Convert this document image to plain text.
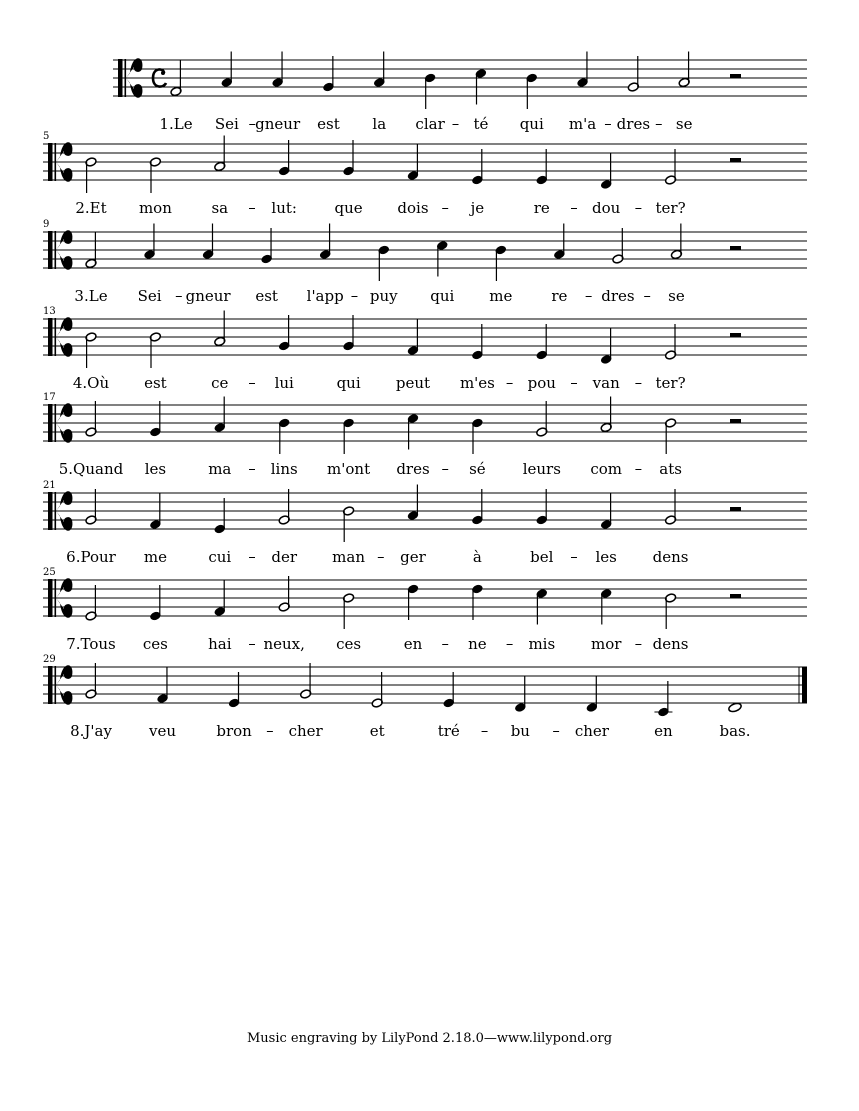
1.Le Sei gneur est la clar té qui m'a dres se
5
2.Et mon	sa	lut:	que dois	je	re	dou ter?
9
3.Le Sei gneur est l'app puy qui me	re dres se
13
4.Où est	ce	lui	qui peut m'es pou van ter?
17
5.Quand les	ma	lins m'ont dres	sé leurs com ats
21
6.Pour me	cui	der man ger	à	bel	les dens
25
7.Tous ces	hai neux, ces	en	ne	mis mor dens
29
8.J'ay veu	bron cher	et	tré	bu	cher	en	bas.
Music engraving by LilyPond 2.18.0—www.lilypond.org
